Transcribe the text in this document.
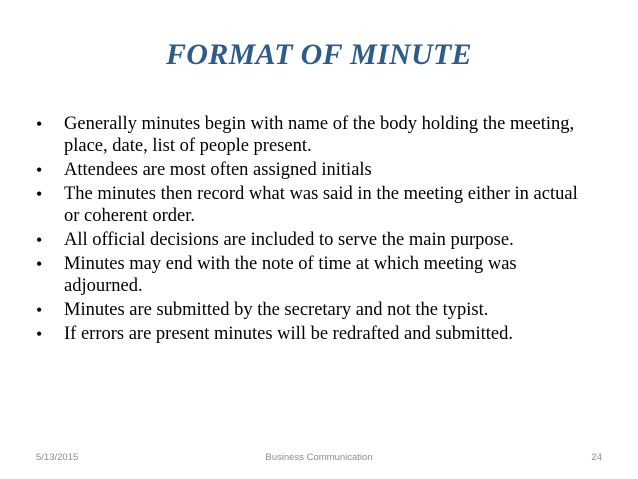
FORMAT OF MINUTE
• Generally minutes begin with name of the body holding the meeting, place, date, list of people present.
• Attendees are most often assigned initials
• The minutes then record what was said in the meeting either in actual or coherent order.
• All official decisions are included to serve the main purpose.
• Minutes may end with the note of time at which meeting was adjourned.
• Minutes are submitted by the secretary and not the typist.
• If errors are present minutes will be redrafted and submitted.
5/13/2015	Business Communication	24
